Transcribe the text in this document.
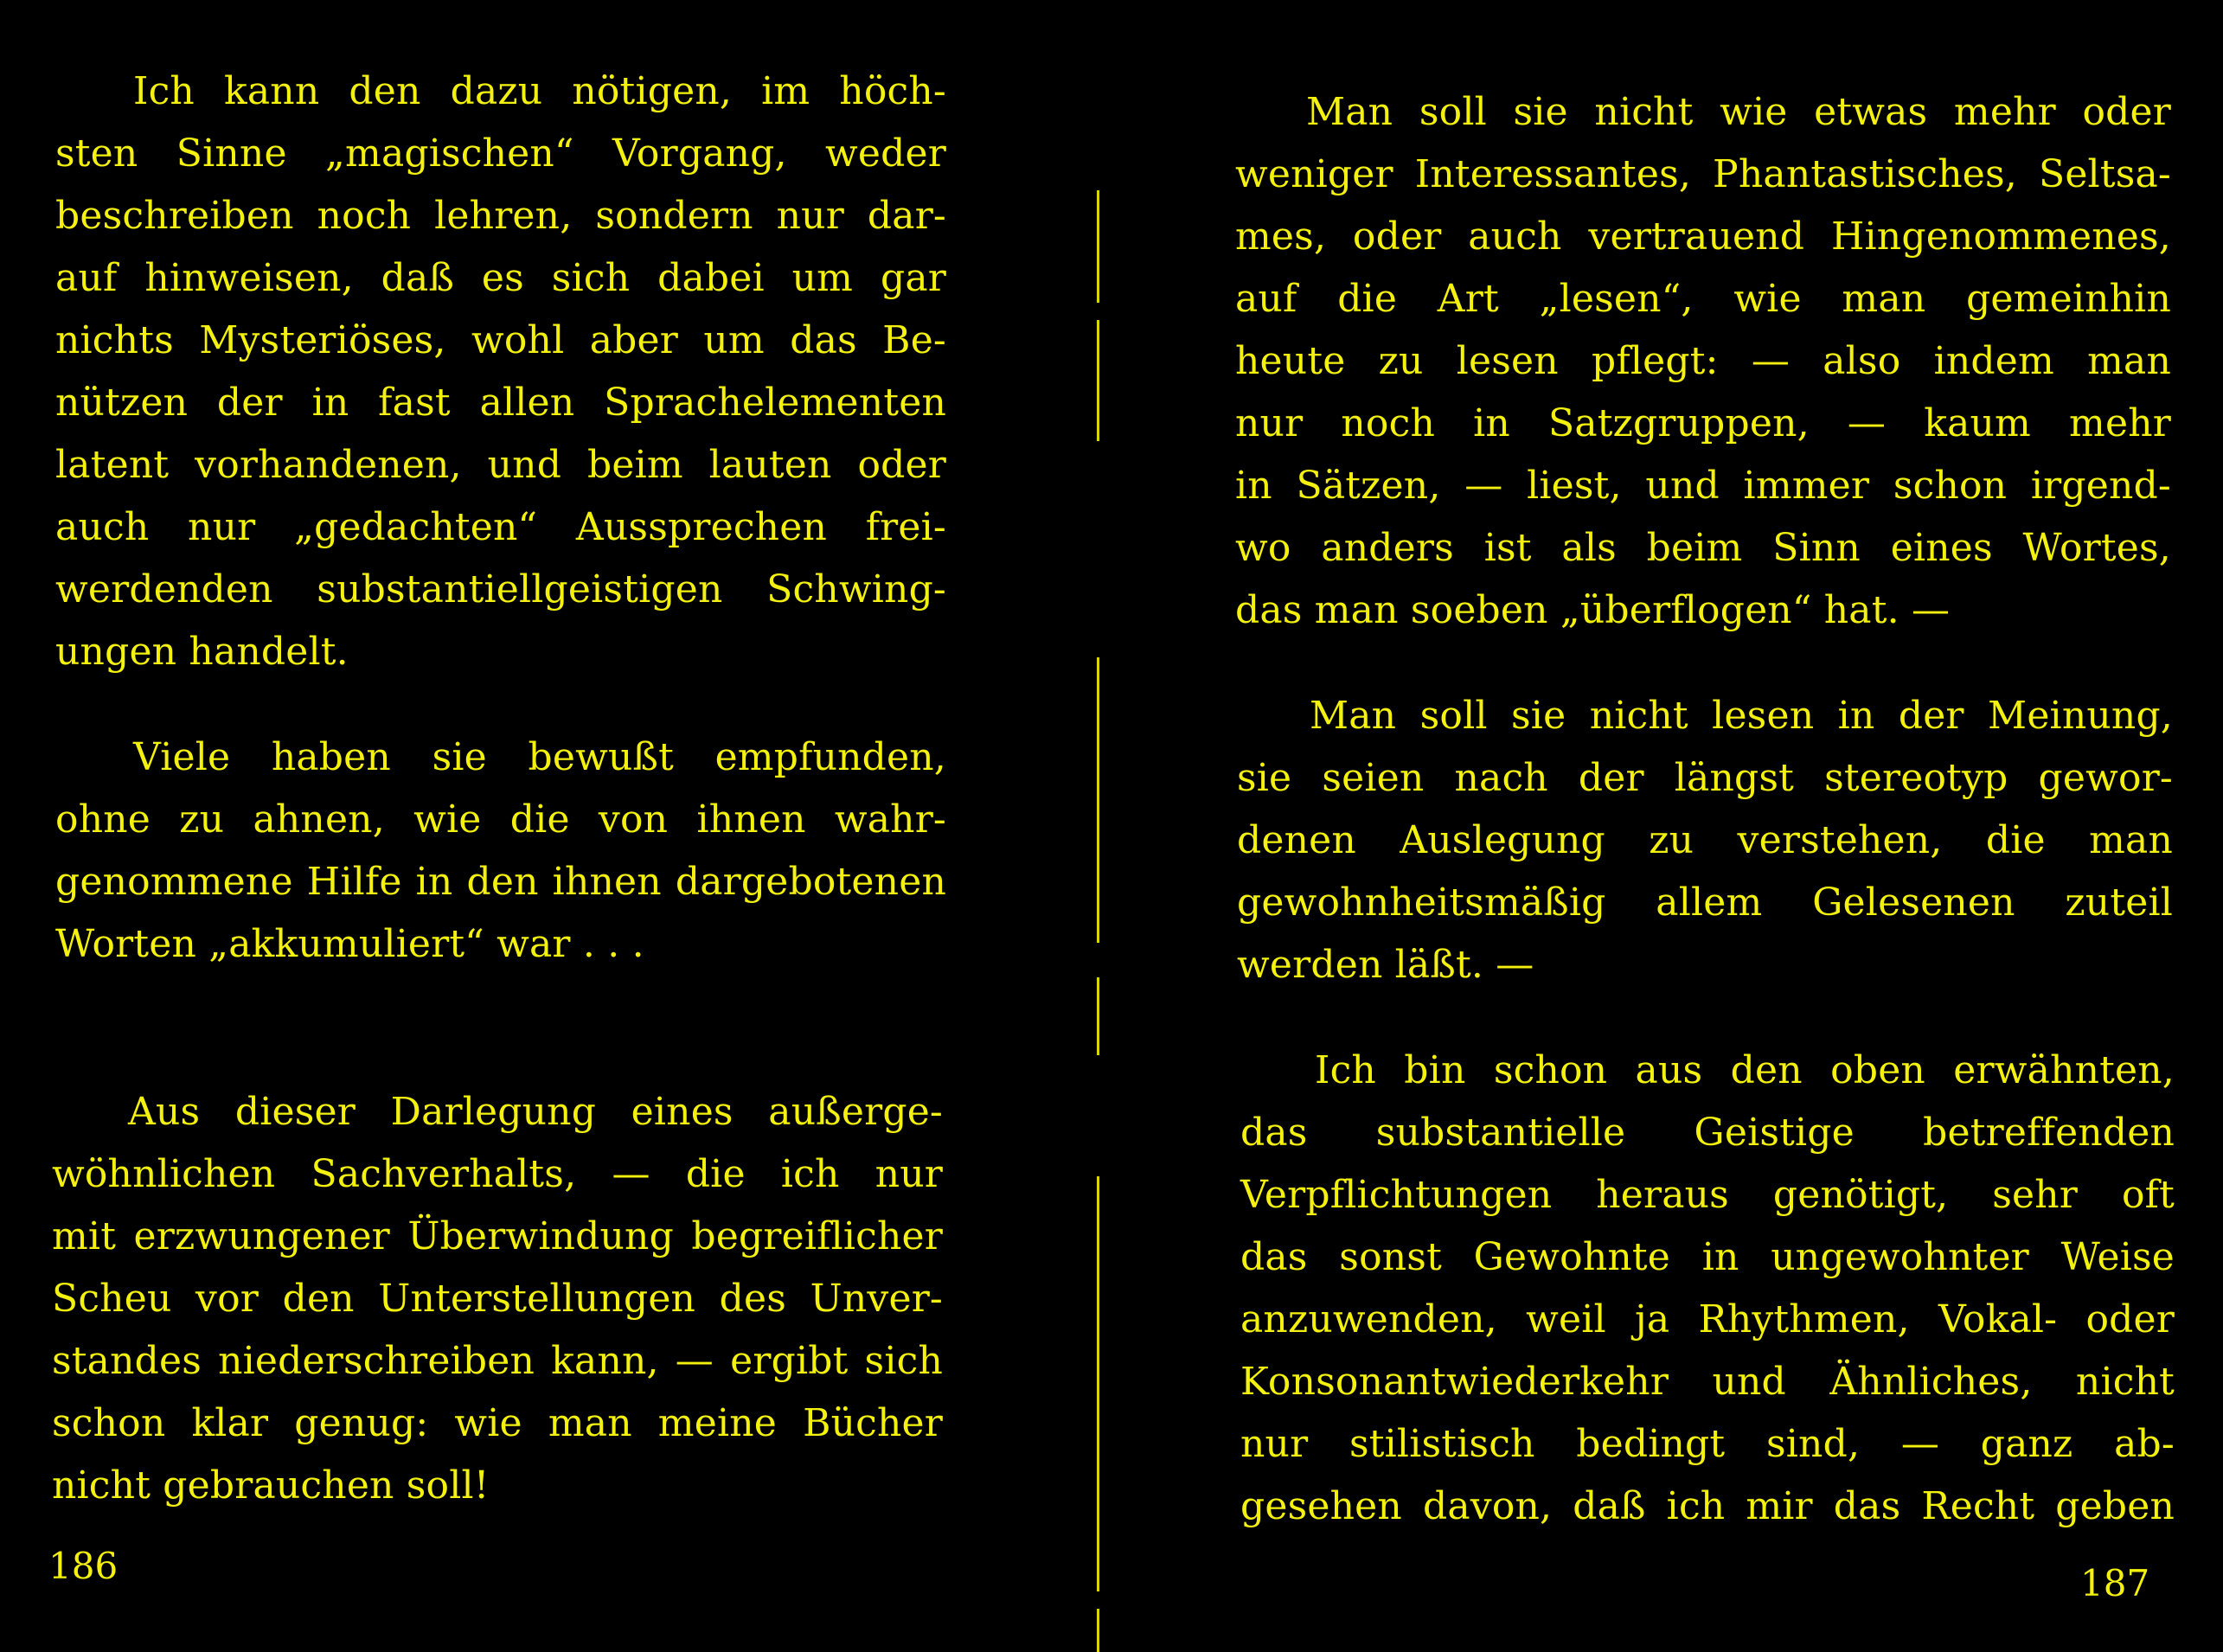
Ich kann den dazu nötigen, im höch-
sten Sinne „magischen“ Vorgang, weder
beschreiben noch lehren, sondern nur dar-
auf hinweisen, daß es sich dabei um gar
nichts Mysteriöses, wohl aber um das Be-
nützen der in fast allen Sprachelementen
latent vorhandenen, und beim lauten oder
auch nur „gedachten“ Aussprechen frei-
werdenden substantiellgeistigen Schwing-
ungen handelt.

Viele haben sie bewußt empfunden,
ohne zu ahnen, wie die von ihnen wahr-
genommene Hilfe in den ihnen dargebotenen
Worten „akkumuliert“ war . . .

Aus dieser Darlegung eines außerge-
wöhnlichen Sachverhalts, — die ich nur
mit erzwungener Überwindung begreiflicher
Scheu vor den Unterstellungen des Unver-
standes niederschreiben kann, — ergibt sich
schon klar genug: wie man meine Bücher
nicht gebrauchen soll!

186

Man soll sie nicht wie etwas mehr oder
weniger Interessantes, Phantastisches, Seltsa-
mes, oder auch vertrauend Hingenommenes,
auf die Art „lesen“, wie man gemeinhin
heute zu lesen pflegt: — also indem man
nur noch in Satzgruppen, — kaum mehr
in Sätzen, — liest, und immer schon irgend-
wo anders ist als beim Sinn eines Wortes,
das man soeben „überflogen“ hat. —

Man soll sie nicht lesen in der Meinung,
sie seien nach der längst stereotyp gewor-
denen Auslegung zu verstehen, die man
gewohnheitsmäßig allem Gelesenen zuteil
werden läßt. —

Ich bin schon aus den oben erwähnten,
das substantielle Geistige betreffenden
Verpflichtungen heraus genötigt, sehr oft
das sonst Gewohnte in ungewohnter Weise
anzuwenden, weil ja Rhythmen, Vokal- oder
Konsonantwiederkehr und Ähnliches, nicht
nur stilistisch bedingt sind, — ganz ab-
gesehen davon, daß ich mir das Recht geben

187
